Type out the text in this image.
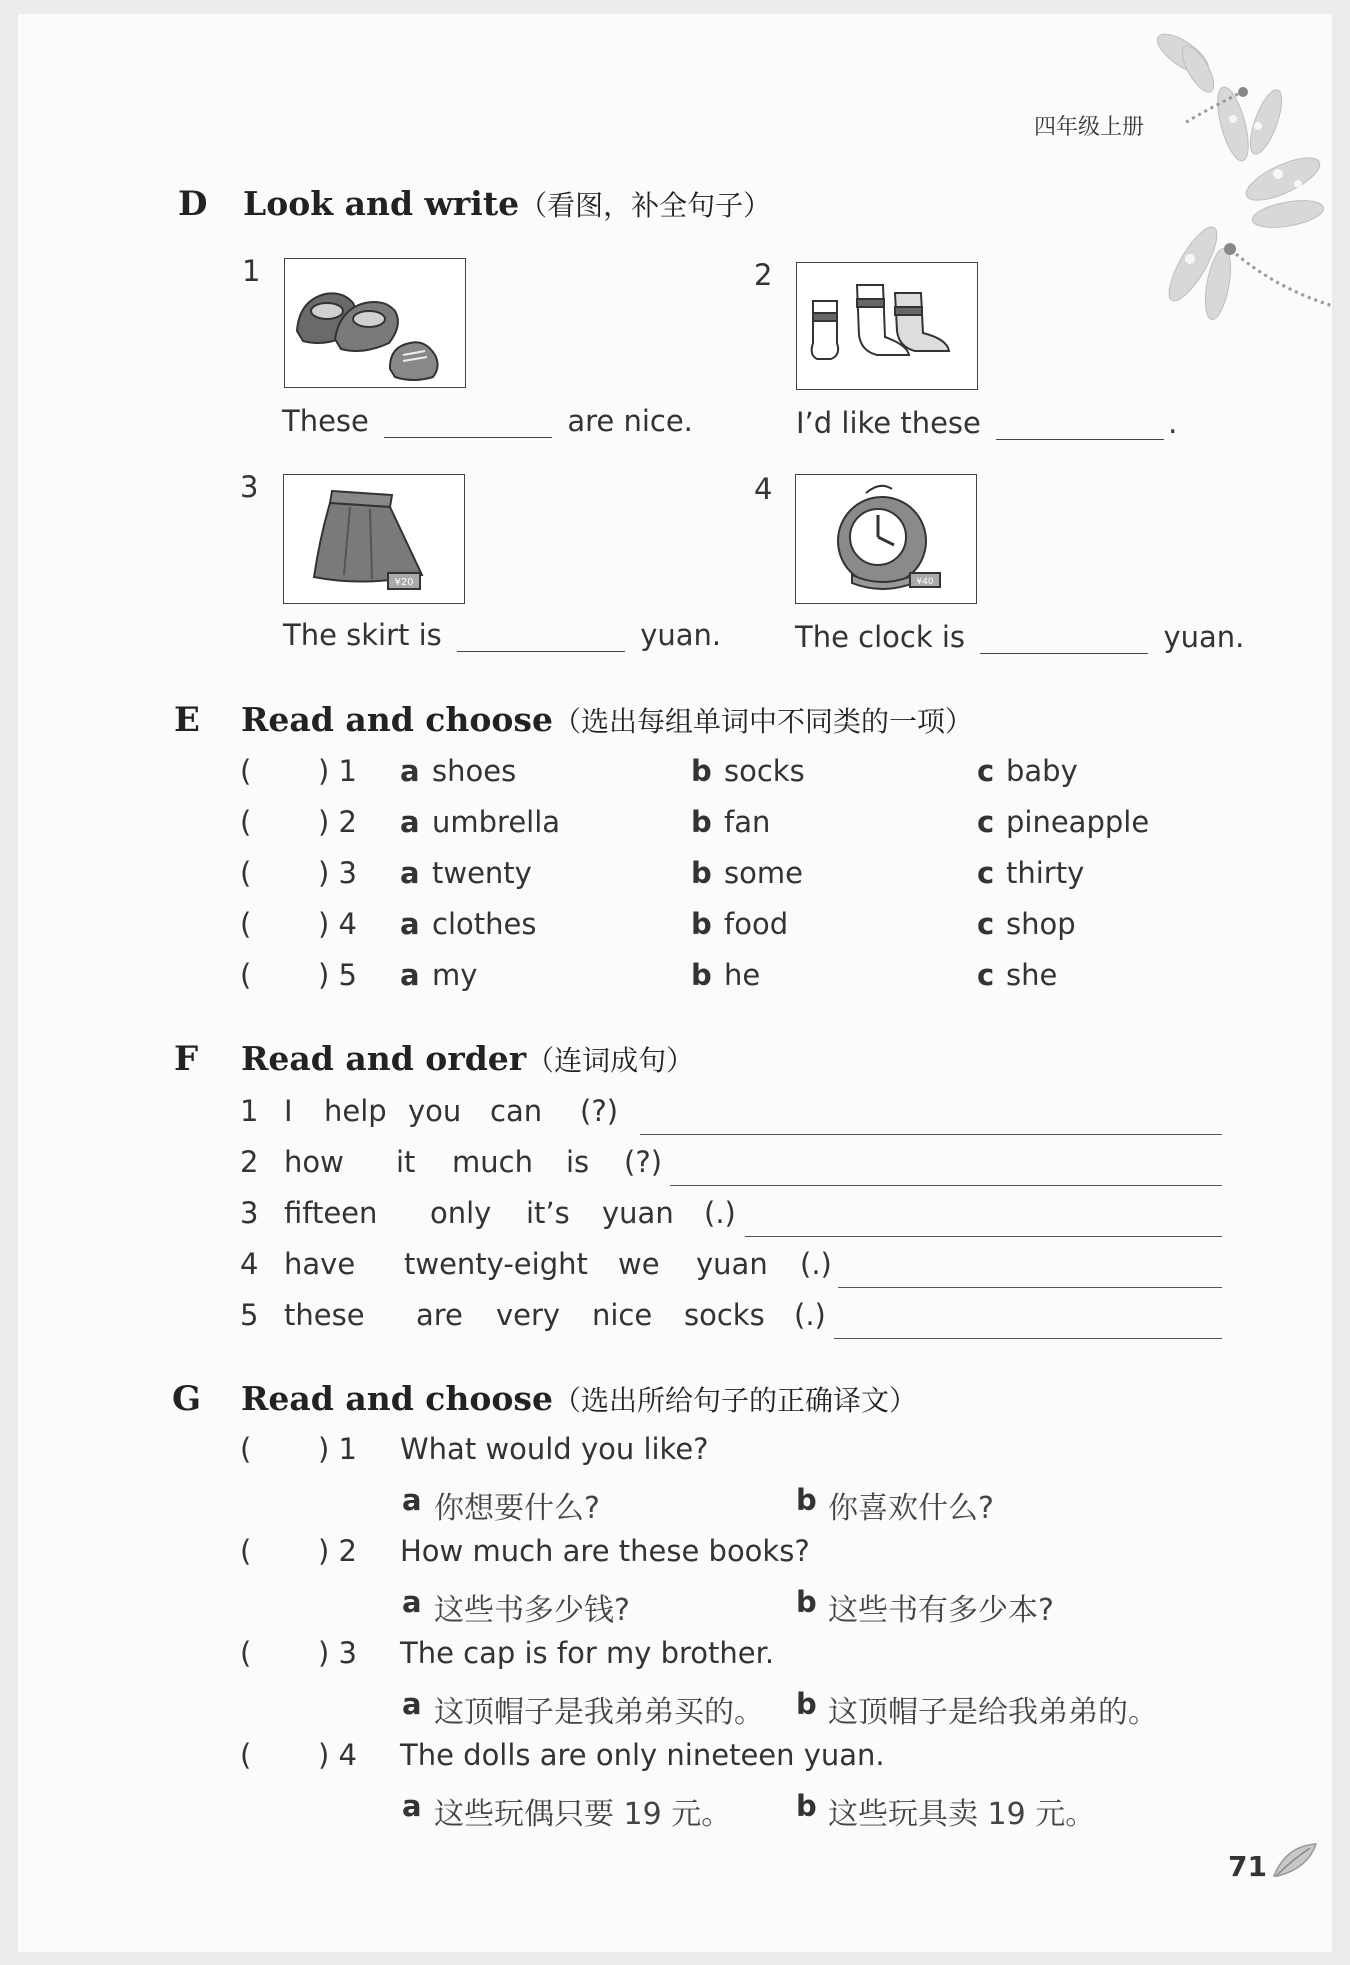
四年级上册
D Look and write（看图，补全句子）
1
These	are nice.
2
I’d like these	.
3
¥20
The skirt is	yuan.
4
¥40
The clock is	yuan.
E Read and choose（选出每组单词中不同类的一项）
( ) 1 a shoes	b socks	c baby
( ) 2 a umbrella	b fan	c pineapple
( ) 3 a twenty	b some	c thirty
( ) 4 a clothes	b food	c shop
( ) 5 a my	b he	c she
F Read and order（连词成句）
1 I help you can (?)
2 how it much is (?)
3 fifteen only it’s yuan (.)
4 have twenty-eight we yuan (.)
5 these are very nice socks (.)
G Read and choose（选出所给句子的正确译文）
( ) 1 What would you like?
a 你想要什么?	b 你喜欢什么?
( ) 2 How much are these books?
a 这些书多少钱?	b 这些书有多少本?
( ) 3 The cap is for my brother.
a 这顶帽子是我弟弟买的。 b 这顶帽子是给我弟弟的。
( ) 4 The dolls are only nineteen yuan.
a 这些玩偶只要 19 元。 b 这些玩具卖 19 元。
71
